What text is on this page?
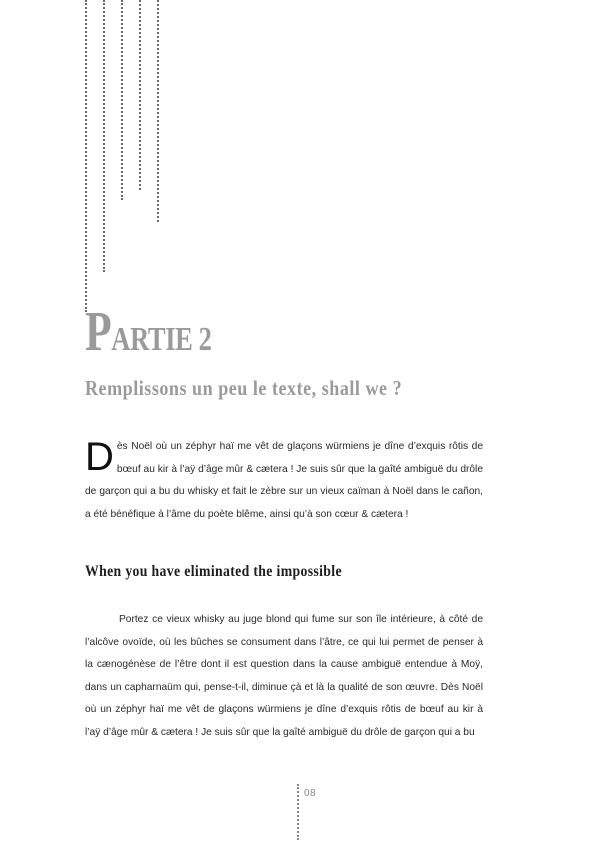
PARTIE 2
Remplissons un peu le texte, shall we ?

Dès Noël où un zéphyr haï me vêt de glaçons würmiens je dîne d’exquis rôtis de bœuf au kir à l’aÿ d’âge mûr & cætera ! Je suis sûr que la gaîté ambiguë du drôle de garçon qui a bu du whisky et fait le zèbre sur un vieux caïman à Noël dans le cañon, a été bénéfique à l’âme du poète blême, ainsi qu’à son cœur & cætera !

When you have eliminated the impossible

Portez ce vieux whisky au juge blond qui fume sur son île intérieure, à côté de l’alcôve ovoïde, où les bûches se consument dans l’âtre, ce qui lui permet de penser à la cænogénèse de l’être dont il est question dans la cause ambiguë entendue à Moÿ, dans un capharnaüm qui, pense-t-il, diminue çà et là la qualité de son œuvre. Dès Noël où un zéphyr haï me vêt de glaçons würmiens je dîne d’exquis rôtis de bœuf au kir à l’aÿ d’âge mûr & cætera ! Je suis sûr que la gaîté ambiguë du drôle de garçon qui a bu

08
